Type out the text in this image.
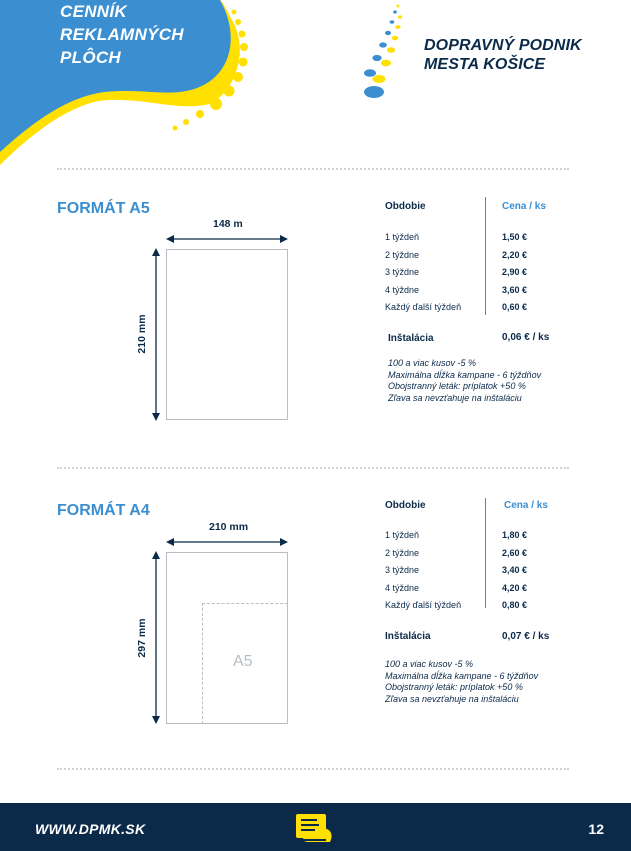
CENNÍK
REKLAMNÝCH
PLÔCH
DOPRAVNÝ PODNIK
MESTA KOŠICE
FORMÁT A5
148 m
210 mm
Obdobie	Cena / ks
1 týždeň	1,50 €
2 týždne	2,20 €
3 týždne	2,90 €
4 týždne	3,60 €
Každý ďalší týždeň	0,60 €
Inštalácia	0,06 € / ks
100 a viac kusov -5 %
Maximálna dĺžka kampane - 6 týždňov
Obojstranný leták: príplatok +50 %
Zľava sa nevzťahuje na inštaláciu
FORMÁT A4
210 mm
297 mm
A5
Obdobie	Cena / ks
1 týždeň	1,80 €
2 týždne	2,60 €
3 týždne	3,40 €
4 týždne	4,20 €
Každý ďalší týždeň	0,80 €
Inštalácia	0,07 € / ks
100 a viac kusov -5 %
Maximálna dĺžka kampane - 6 týždňov
Obojstranný leták: príplatok +50 %
Zľava sa nevzťahuje na inštaláciu
WWW.DPMK.SK	12
